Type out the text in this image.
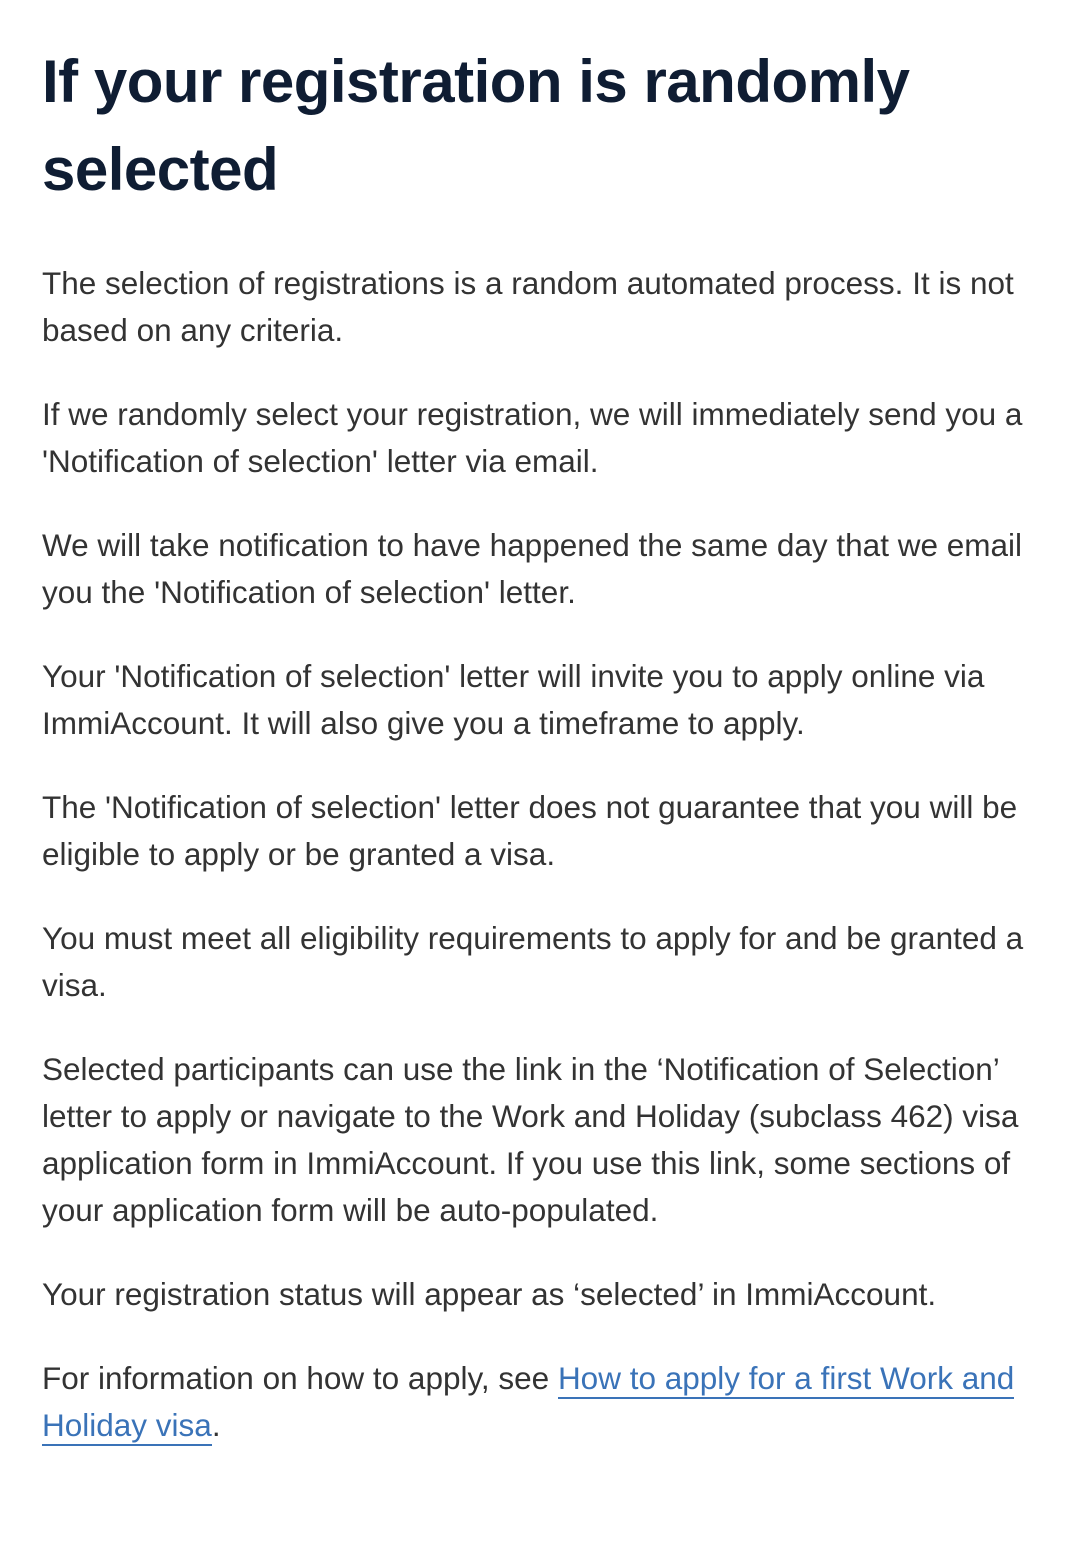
If your registration is randomly selected

The selection of registrations is a random automated process. It is not based on any criteria.

If we randomly select your registration, we will immediately send you a 'Notification of selection' letter via email.

We will take notification to have happened the same day that we email you the 'Notification of selection' letter.

Your 'Notification of selection' letter will invite you to apply online via ImmiAccount. It will also give you a timeframe to apply.

The 'Notification of selection' letter does not guarantee that you will be eligible to apply or be granted a visa.

You must meet all eligibility requirements to apply for and be granted a visa.

Selected participants can use the link in the ‘Notification of Selection’ letter to apply or navigate to the Work and Holiday (subclass 462) visa application form in ImmiAccount. If you use this link, some sections of your application form will be auto-populated.

Your registration status will appear as ‘selected’ in ImmiAccount.

For information on how to apply, see How to apply for a first Work and Holiday visa.
